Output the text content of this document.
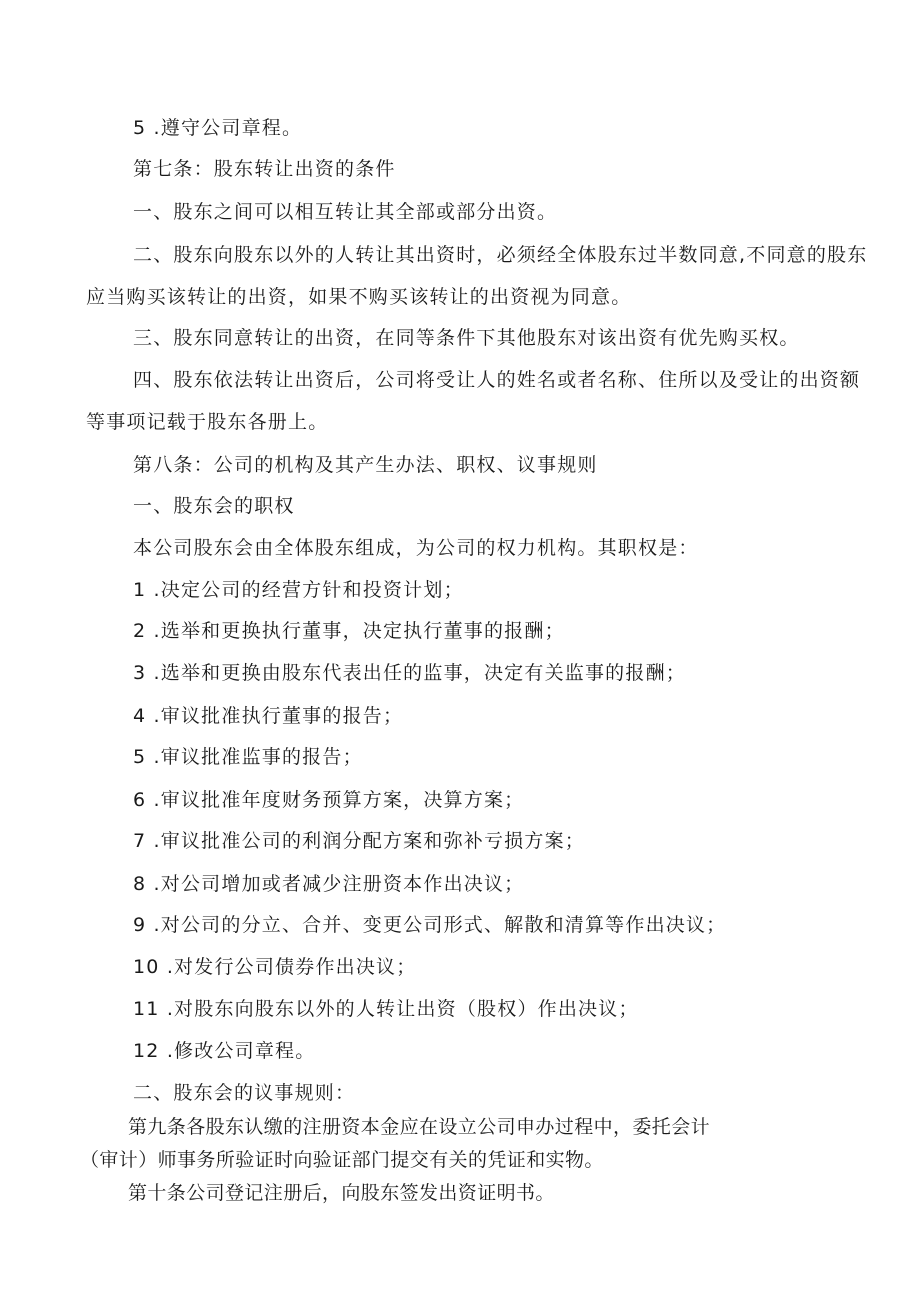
5 .遵守公司章程。
第七条：股东转让出资的条件
一、股东之间可以相互转让其全部或部分出资。
二、股东向股东以外的人转让其出资时，必须经全体股东过半数同意,不同意的股东
应当购买该转让的出资，如果不购买该转让的出资视为同意。
三、股东同意转让的出资，在同等条件下其他股东对该出资有优先购买权。
四、股东依法转让出资后，公司将受让人的姓名或者名称、住所以及受让的出资额
等事项记载于股东各册上。
第八条：公司的机构及其产生办法、职权、议事规则
一、股东会的职权
本公司股东会由全体股东组成，为公司的权力机构。其职权是：
1 .决定公司的经营方针和投资计划；
2 .选举和更换执行董事，决定执行董事的报酬；
3 .选举和更换由股东代表出任的监事，决定有关监事的报酬；
4 .审议批准执行董事的报告；
5 .审议批准监事的报告；
6 .审议批准年度财务预算方案，决算方案；
7 .审议批准公司的利润分配方案和弥补亏损方案；
8 .对公司增加或者减少注册资本作出决议；
9 .对公司的分立、合并、变更公司形式、解散和清算等作出决议；
10 .对发行公司债券作出决议；
11 .对股东向股东以外的人转让出资（股权）作出决议；
12 .修改公司章程。
二、股东会的议事规则：
第九条各股东认缴的注册资本金应在设立公司申办过程中，委托会计
（审计）师事务所验证时向验证部门提交有关的凭证和实物。
第十条公司登记注册后，向股东签发出资证明书。
